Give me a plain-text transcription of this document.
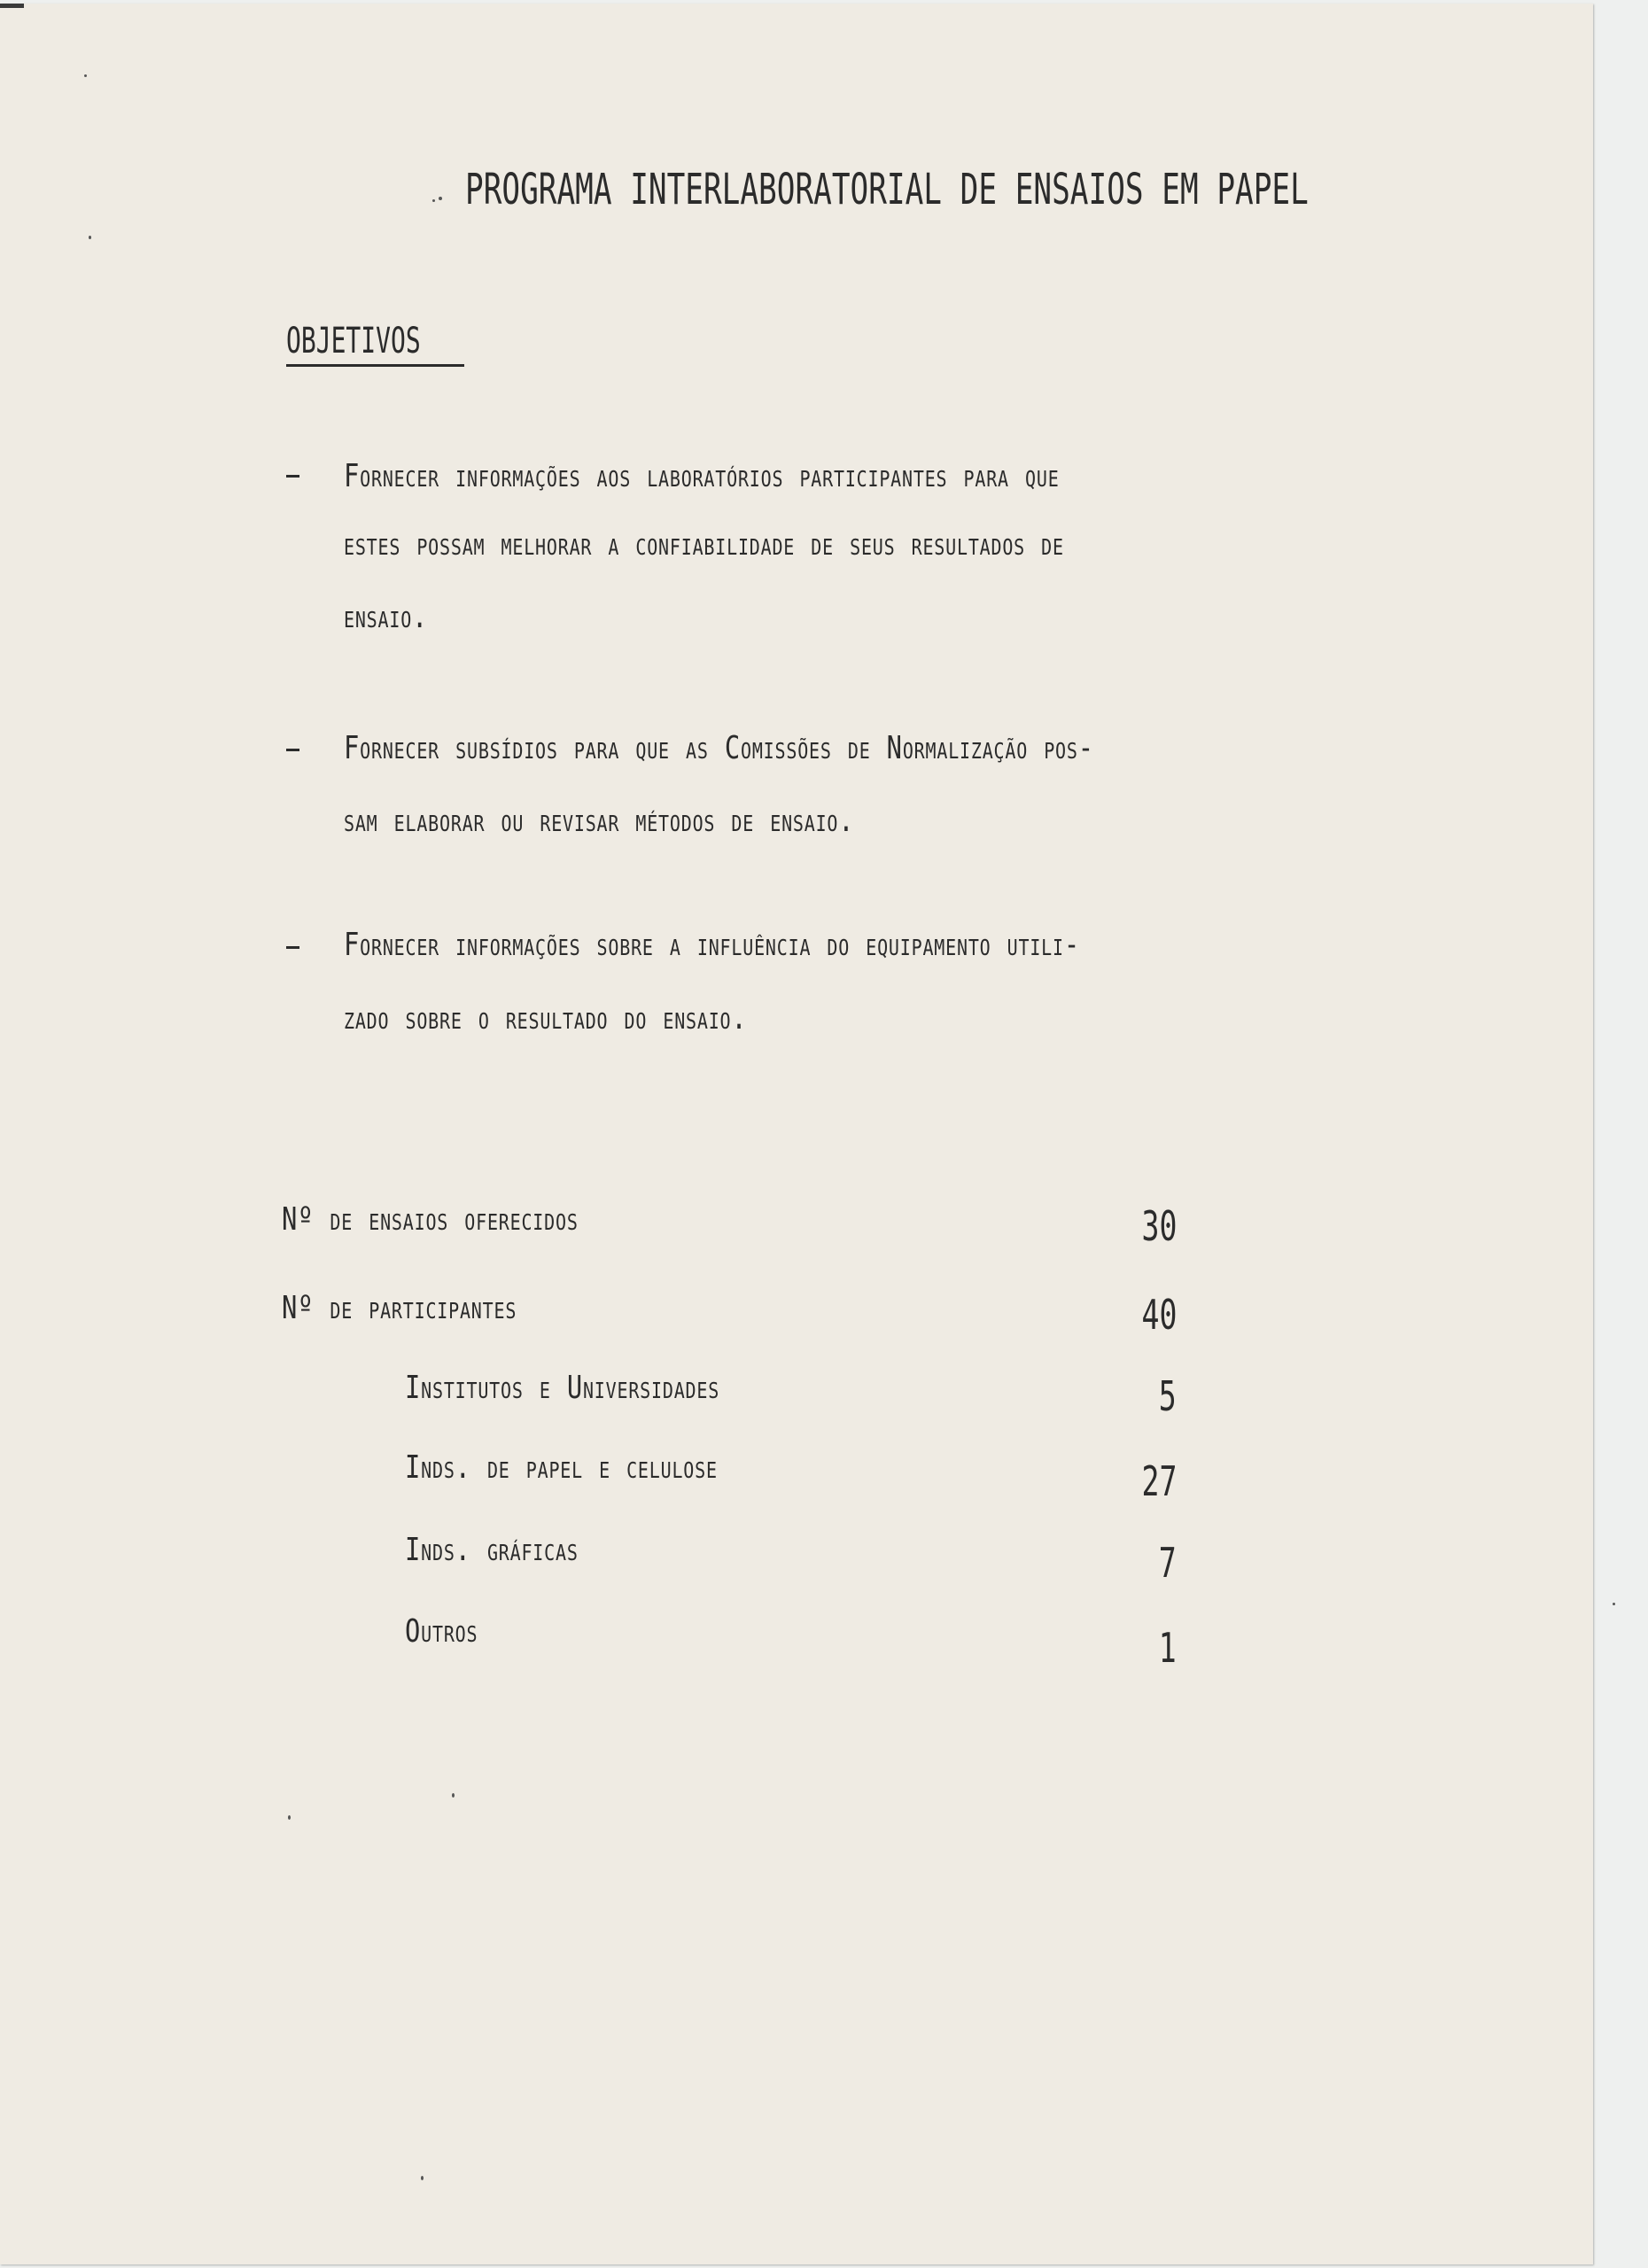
PROGRAMA INTERLABORATORIAL DE ENSAIOS EM PAPEL
OBJETIVOS
Fornecer informações aos laboratórios participantes para que
estes possam melhorar a confiabilidade de seus resultados de
ensaio.
Fornecer subsídios para que as Comissões de Normalização pos-
sam elaborar ou revisar métodos de ensaio.
Fornecer informações sobre a influência do equipamento utili-
zado sobre o resultado do ensaio.
Nº de ensaios oferecidos	30
Nº de participantes	40
Institutos e Universidades	5
Inds. de papel e celulose	27
Inds. gráficas	7
Outros	1
